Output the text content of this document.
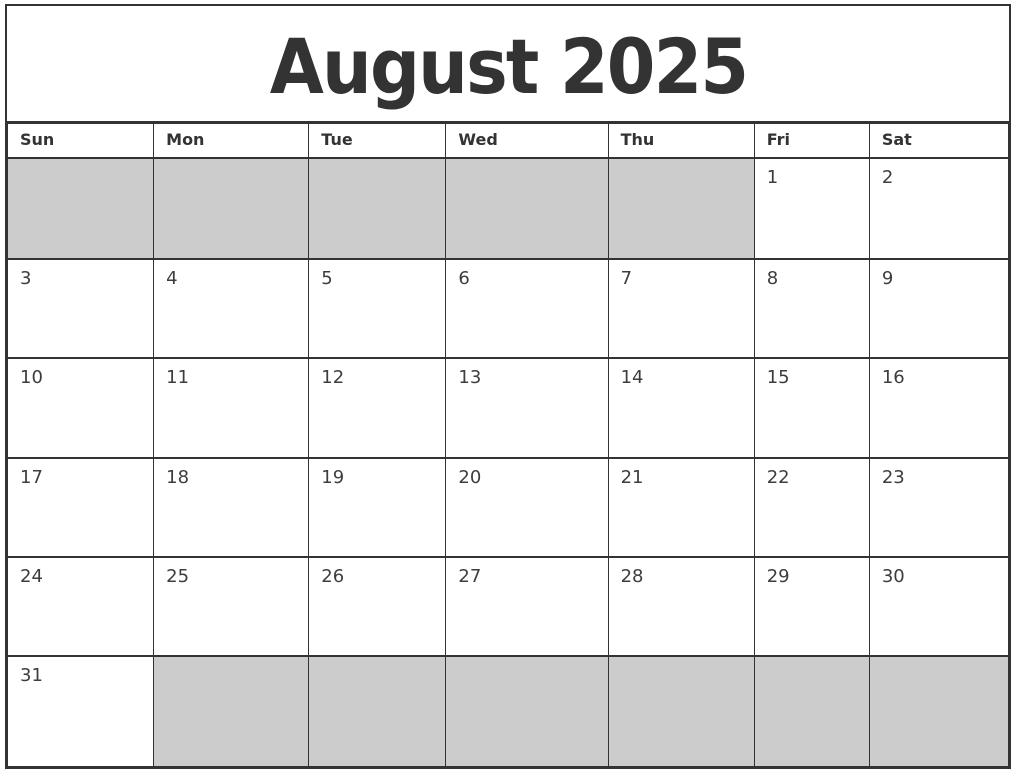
August 2025
Sun	Mon	Tue	Wed	Thu	Fri	Sat
					1	2
3	4	5	6	7	8	9
10	11	12	13	14	15	16
17	18	19	20	21	22	23
24	25	26	27	28	29	30
31						
